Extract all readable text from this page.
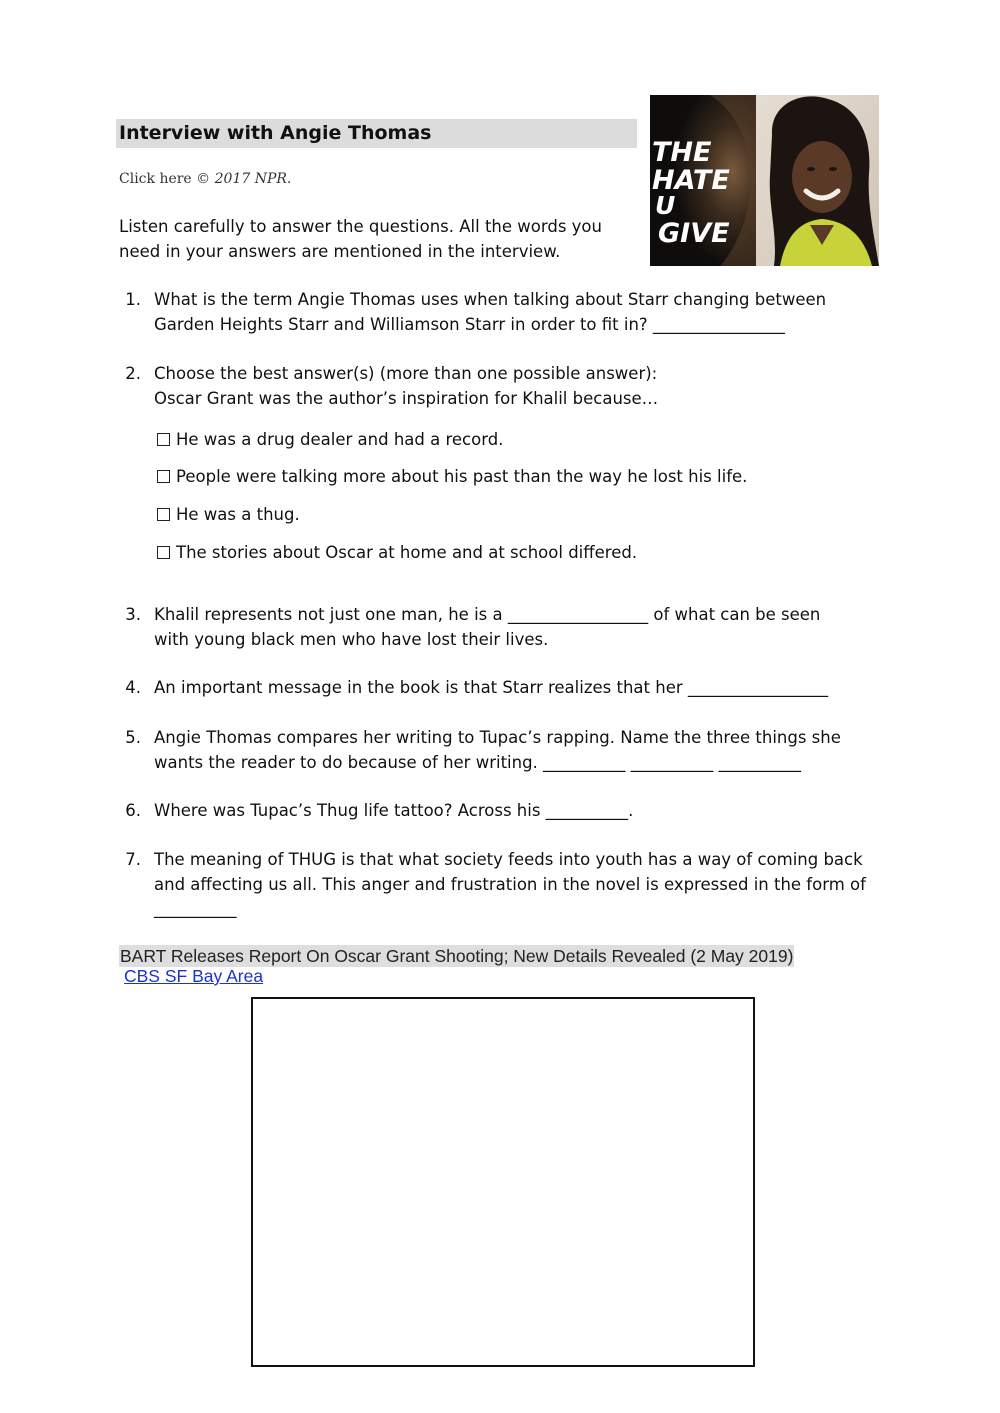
Interview with Angie Thomas
Click here © 2017 NPR.
Listen carefully to answer the questions. All the words you
need in your answers are mentioned in the interview.
THE
HATE
U
GIVE
1. What is the term Angie Thomas uses when talking about Starr changing between
Garden Heights Starr and Williamson Starr in order to fit in? ________________
2. Choose the best answer(s) (more than one possible answer):
Oscar Grant was the author’s inspiration for Khalil because…
He was a drug dealer and had a record.
People were talking more about his past than the way he lost his life.
He was a thug.
The stories about Oscar at home and at school differed.
3. Khalil represents not just one man, he is a _________________ of what can be seen
with young black men who have lost their lives.
4. An important message in the book is that Starr realizes that her _________________
5. Angie Thomas compares her writing to Tupac’s rapping. Name the three things she
wants the reader to do because of her writing. __________ __________ __________
6. Where was Tupac’s Thug life tattoo? Across his __________.
7. The meaning of THUG is that what society feeds into youth has a way of coming back
and affecting us all. This anger and frustration in the novel is expressed in the form of
__________
BART Releases Report On Oscar Grant Shooting; New Details Revealed (2 May 2019)
CBS SF Bay Area
